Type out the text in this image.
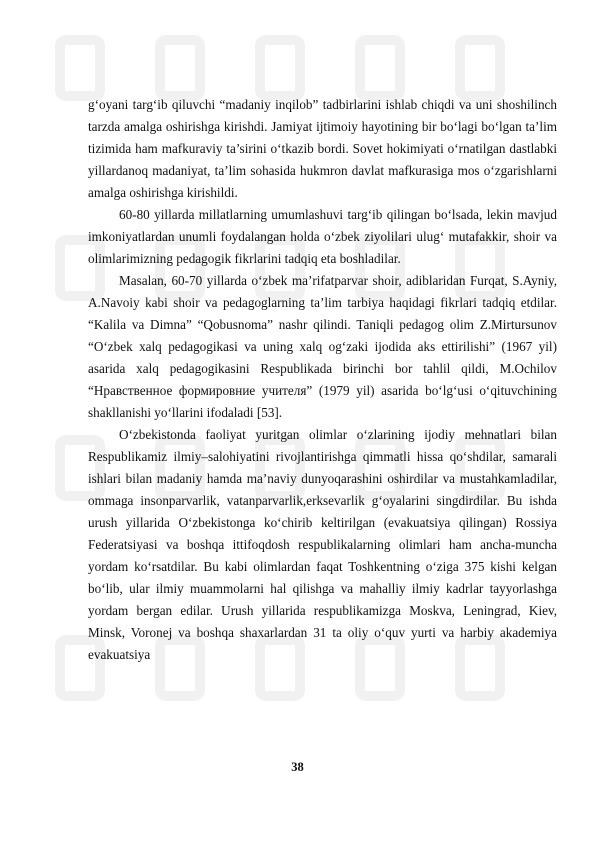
g‘oyani targ‘ib qiluvchi “madaniy inqilob” tadbirlarini ishlab chiqdi va uni shoshilinch tarzda amalga oshirishga kirishdi. Jamiyat ijtimoiy hayotining bir bo‘lagi bo‘lgan ta’lim tizimida ham mafkuraviy ta’sirini o‘tkazib bordi. Sovet hokimiyati o‘rnatilgan dastlabki yillardanoq madaniyat, ta’lim sohasida hukmron davlat mafkurasiga mos o‘zgarishlarni amalga oshirishga kirishildi.

60-80 yillarda millatlarning umumlashuvi targ‘ib qilingan bo‘lsada, lekin mavjud imkoniyatlardan unumli foydalangan holda o‘zbek ziyolilari ulug‘ mutafakkir, shoir va olimlarimizning pedagogik fikrlarini tadqiq eta boshladilar.

Masalan, 60-70 yillarda o‘zbek ma’rifatparvar shoir, adiblaridan Furqat, S.Ayniy, A.Navoiy kabi shoir va pedagoglarning ta’lim tarbiya haqidagi fikrlari tadqiq etdilar. “Kalila va Dimna” “Qobusnoma” nashr qilindi. Taniqli pedagog olim Z.Mirtursunov “O‘zbek xalq pedagogikasi va uning xalq og‘zaki ijodida aks ettirilishi” (1967 yil) asarida xalq pedagogikasini Respublikada birinchi bor tahlil qildi, M.Ochilov “Нравственное формировние учителя” (1979 yil) asarida bo‘lg‘usi o‘qituvchining shakllanishi yo‘llarini ifodaladi [53].

O‘zbekistonda faoliyat yuritgan olimlar o‘zlarining ijodiy mehnatlari bilan Respublikamiz ilmiy–salohiyatini rivojlantirishga qimmatli hissa qo‘shdilar, samarali ishlari bilan madaniy hamda ma’naviy dunyoqarashini oshirdilar va mustahkamladilar, ommaga insonparvarlik, vatanparvarlik,erksevarlik g‘oyalarini singdirdilar. Bu ishda urush yillarida O‘zbekistonga ko‘chirib keltirilgan (evakuatsiya qilingan) Rossiya Federatsiyasi va boshqa ittifoqdosh respublikalarning olimlari ham ancha-muncha yordam ko‘rsatdilar. Bu kabi olimlardan faqat Toshkentning o‘ziga 375 kishi kelgan bo‘lib, ular ilmiy muammolarni hal qilishga va mahalliy ilmiy kadrlar tayyorlashga yordam bergan edilar. Urush yillarida respublikamizga Moskva, Leningrad, Kiev, Minsk, Voronej va boshqa shaxarlardan 31 ta oliy o‘quv yurti va harbiy akademiya evakuatsiya

38
